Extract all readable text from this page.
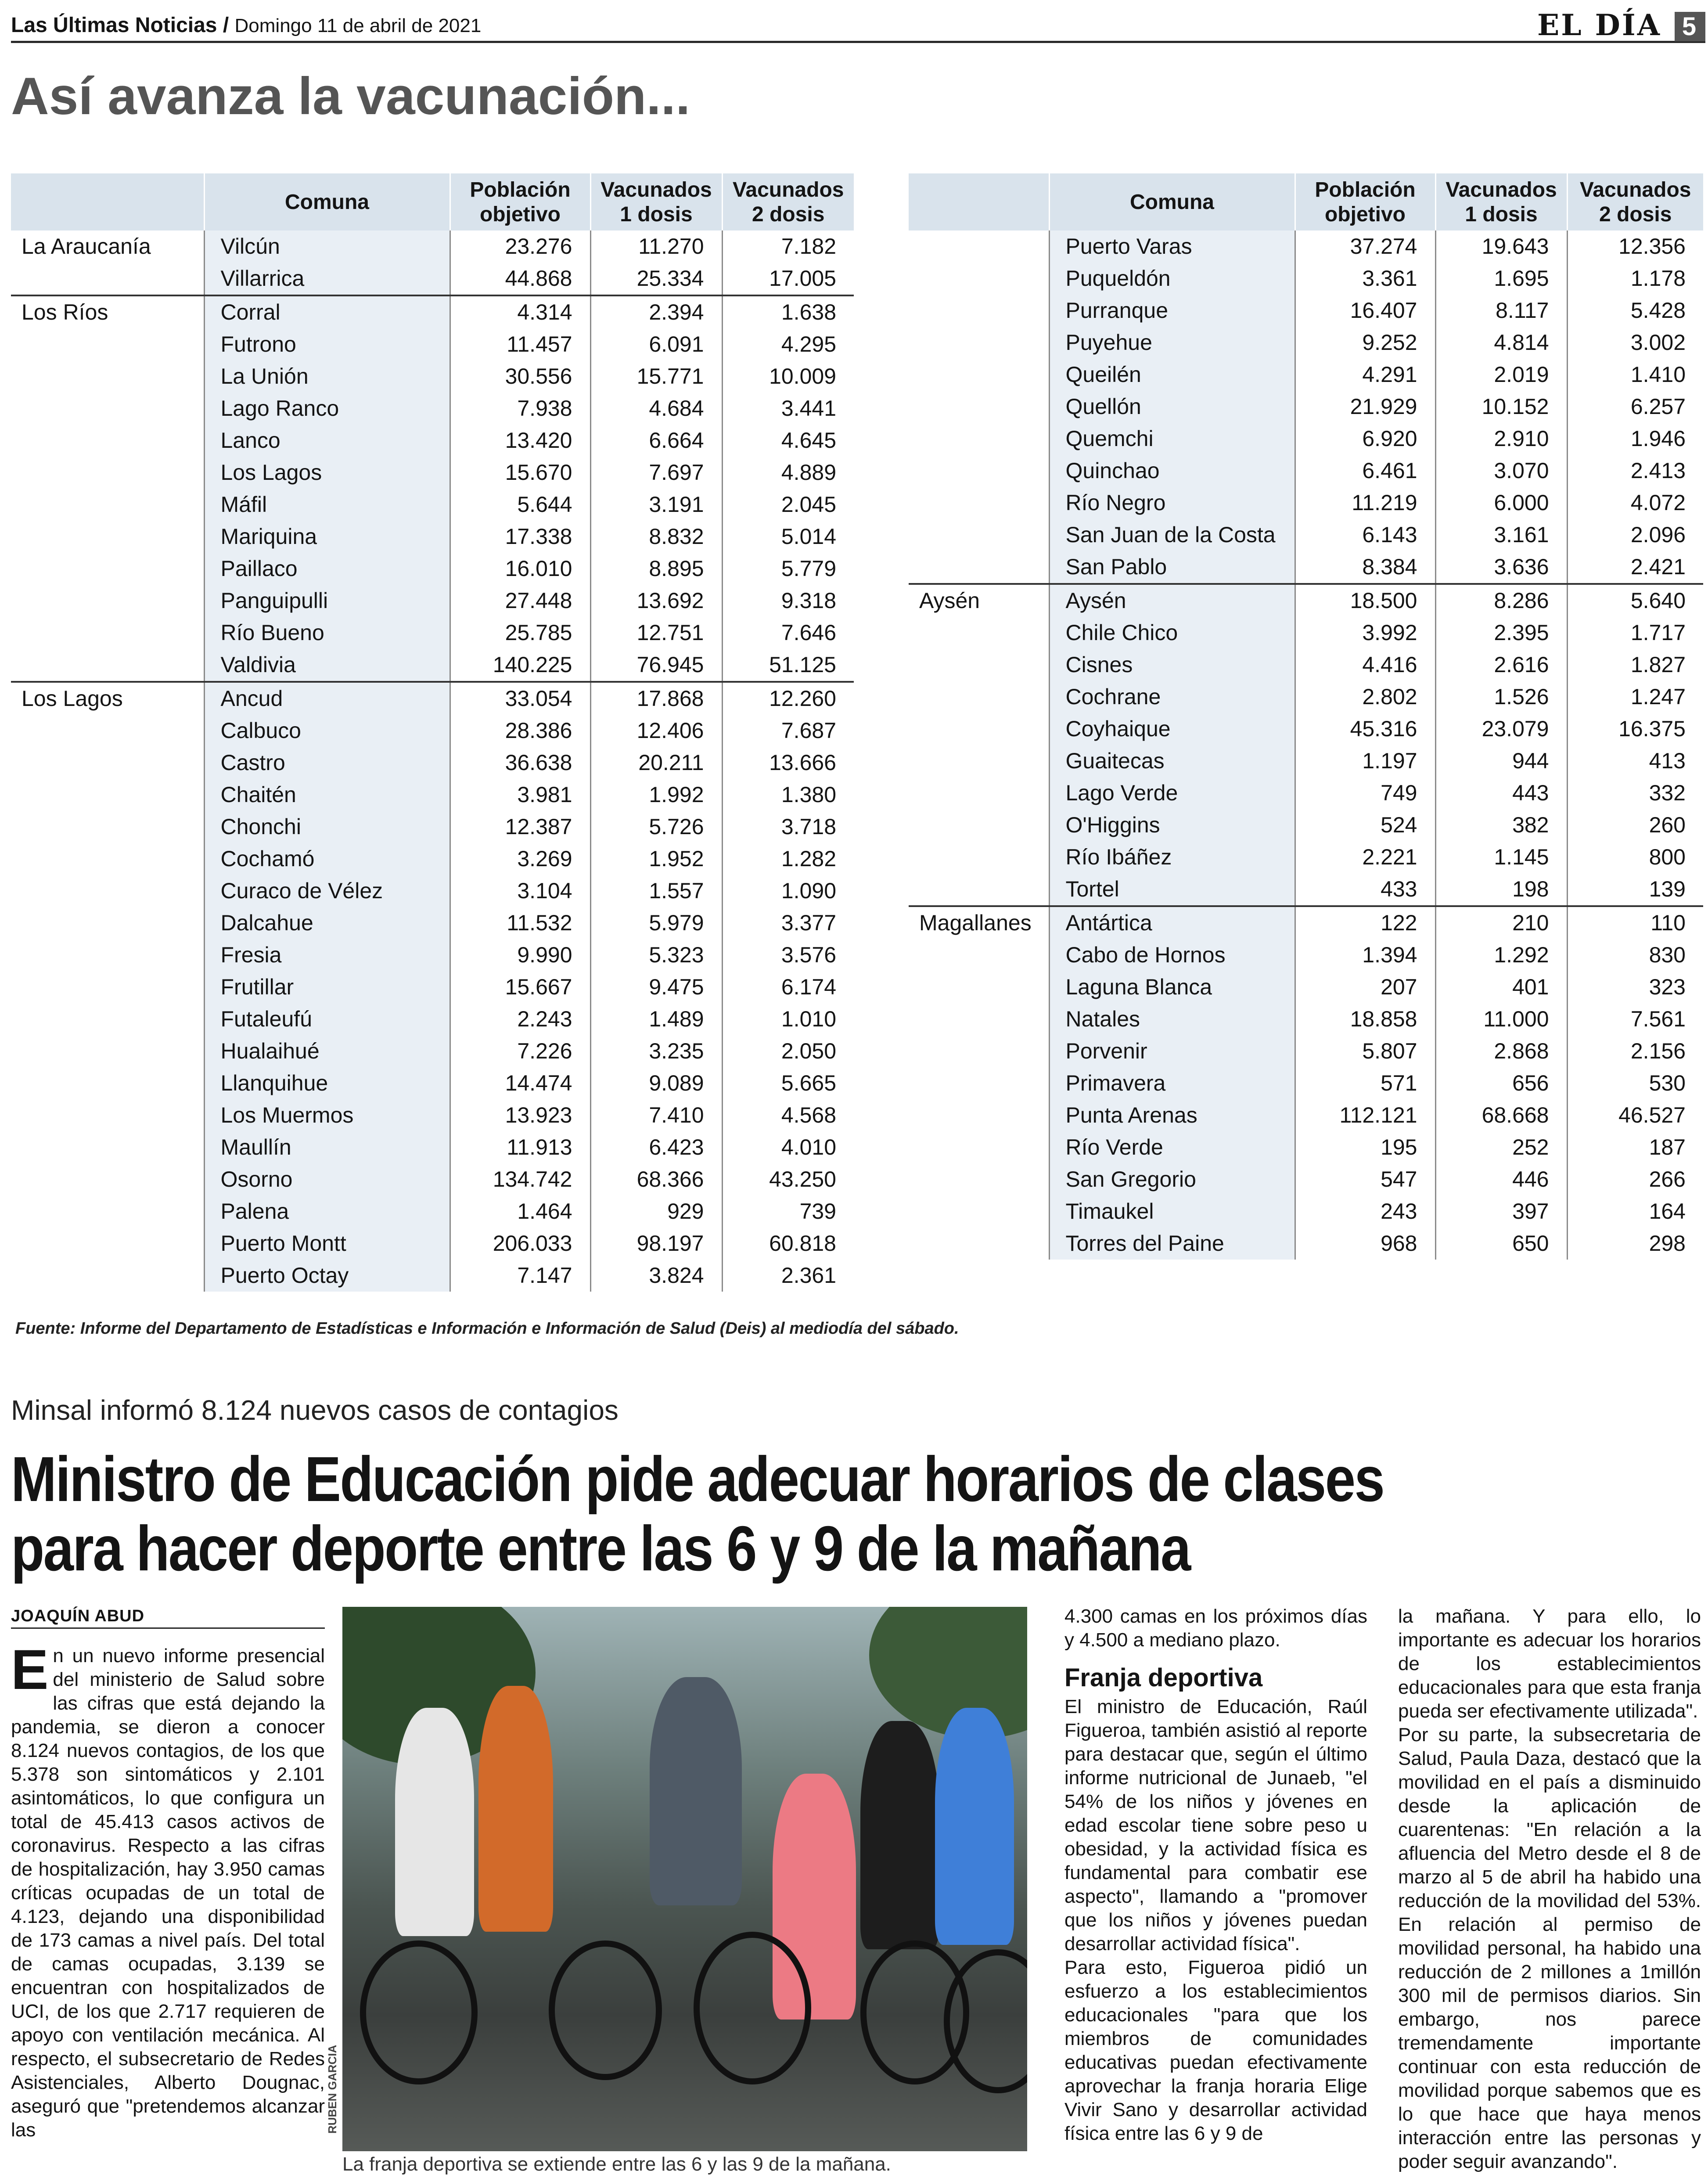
Las Últimas Noticias / Domingo 11 de abril de 2021	EL DÍA 5
Así avanza la vacunación...
	Comuna	Población objetivo	Vacunados 1 dosis	Vacunados 2 dosis
La Araucanía	Vilcún	23.276	11.270	7.182
	Villarrica	44.868	25.334	17.005
Los Ríos	Corral	4.314	2.394	1.638
	Futrono	11.457	6.091	4.295
	La Unión	30.556	15.771	10.009
	Lago Ranco	7.938	4.684	3.441
	Lanco	13.420	6.664	4.645
	Los Lagos	15.670	7.697	4.889
	Máfil	5.644	3.191	2.045
	Mariquina	17.338	8.832	5.014
	Paillaco	16.010	8.895	5.779
	Panguipulli	27.448	13.692	9.318
	Río Bueno	25.785	12.751	7.646
	Valdivia	140.225	76.945	51.125
Los Lagos	Ancud	33.054	17.868	12.260
	Calbuco	28.386	12.406	7.687
	Castro	36.638	20.211	13.666
	Chaitén	3.981	1.992	1.380
	Chonchi	12.387	5.726	3.718
	Cochamó	3.269	1.952	1.282
	Curaco de Vélez	3.104	1.557	1.090
	Dalcahue	11.532	5.979	3.377
	Fresia	9.990	5.323	3.576
	Frutillar	15.667	9.475	6.174
	Futaleufú	2.243	1.489	1.010
	Hualaihué	7.226	3.235	2.050
	Llanquihue	14.474	9.089	5.665
	Los Muermos	13.923	7.410	4.568
	Maullín	11.913	6.423	4.010
	Osorno	134.742	68.366	43.250
	Palena	1.464	929	739
	Puerto Montt	206.033	98.197	60.818
	Puerto Octay	7.147	3.824	2.361
	Comuna	Población objetivo	Vacunados 1 dosis	Vacunados 2 dosis
	Puerto Varas	37.274	19.643	12.356
	Puqueldón	3.361	1.695	1.178
	Purranque	16.407	8.117	5.428
	Puyehue	9.252	4.814	3.002
	Queilén	4.291	2.019	1.410
	Quellón	21.929	10.152	6.257
	Quemchi	6.920	2.910	1.946
	Quinchao	6.461	3.070	2.413
	Río Negro	11.219	6.000	4.072
	San Juan de la Costa	6.143	3.161	2.096
	San Pablo	8.384	3.636	2.421
Aysén	Aysén	18.500	8.286	5.640
	Chile Chico	3.992	2.395	1.717
	Cisnes	4.416	2.616	1.827
	Cochrane	2.802	1.526	1.247
	Coyhaique	45.316	23.079	16.375
	Guaitecas	1.197	944	413
	Lago Verde	749	443	332
	O'Higgins	524	382	260
	Río Ibáñez	2.221	1.145	800
	Tortel	433	198	139
Magallanes	Antártica	122	210	110
	Cabo de Hornos	1.394	1.292	830
	Laguna Blanca	207	401	323
	Natales	18.858	11.000	7.561
	Porvenir	5.807	2.868	2.156
	Primavera	571	656	530
	Punta Arenas	112.121	68.668	46.527
	Río Verde	195	252	187
	San Gregorio	547	446	266
	Timaukel	243	397	164
	Torres del Paine	968	650	298
Fuente: Informe del Departamento de Estadísticas e Información e Información de Salud (Deis) al mediodía del sábado.
Minsal informó 8.124 nuevos casos de contagios
Ministro de Educación pide adecuar horarios de clases
para hacer deporte entre las 6 y 9 de la mañana
JOAQUÍN ABUD
E n un nuevo informe presencial del ministerio de Salud sobre las cifras que está dejando la pandemia, se dieron a conocer 8.124 nuevos contagios, de los que 5.378 son sintomáticos y 2.101 asintomáticos, lo que configura un total de 45.413 casos activos de coronavirus. Respecto a las cifras de hospitalización, hay 3.950 camas críticas ocupadas de un total de 4.123, dejando una disponibilidad de 173 camas a nivel país. Del total de camas ocupadas, 3.139 se encuentran con hospitalizados de UCI, de los que 2.717 requieren de apoyo con ventilación mecánica. Al respecto, el subsecretario de Redes Asistenciales, Alberto Dougnac, aseguró que "pretendemos alcanzar las	RUBEN GARCIA
La franja deportiva se extiende entre las 6 y las 9 de la mañana.

4.300 camas en los próximos días y 4.500 a mediano plazo.

Franja deportiva

El ministro de Educación, Raúl Figueroa, también asistió al reporte para destacar que, según el último informe nutricional de Junaeb, "el 54% de los niños y jóvenes en edad escolar tiene sobre peso u obesidad, y la actividad física es fundamental para combatir ese aspecto", llamando a "promover que los niños y jóvenes puedan desarrollar actividad física".

Para esto, Figueroa pidió un esfuerzo a los establecimientos educacionales "para que los miembros de comunidades educativas puedan efectivamente aprovechar la franja horaria Elige Vivir Sano y desarrollar actividad física entre las 6 y 9 de

la mañana. Y para ello, lo importante es adecuar los horarios de los establecimientos educacionales para que esta franja pueda ser efectivamente utilizada".

Por su parte, la subsecretaria de Salud, Paula Daza, destacó que la movilidad en el país a disminuido desde la aplicación de cuarentenas: "En relación a la afluencia del Metro desde el 8 de marzo al 5 de abril ha habido una reducción de la movilidad del 53%. En relación al permiso de movilidad personal, ha habido una reducción de 2 millones a 1millón 300 mil de permisos diarios. Sin embargo, nos parece tremendamente importante continuar con esta reducción de movilidad porque sabemos que es lo que hace que haya menos interacción entre las personas y poder seguir avanzando".
